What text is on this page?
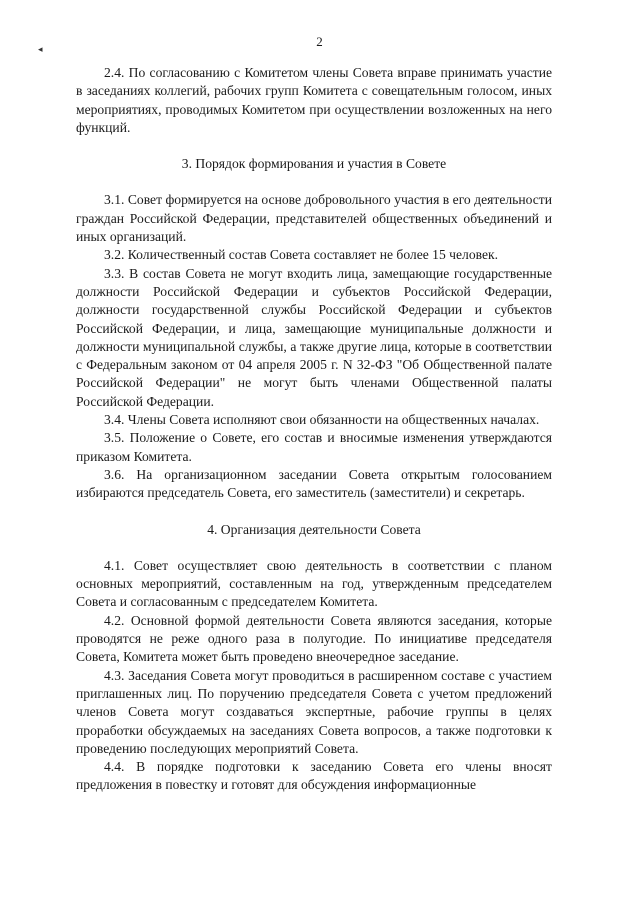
2
◂

2.4. По согласованию с Комитетом члены Совета вправе принимать участие в заседаниях коллегий, рабочих групп Комитета с совещательным голосом, иных мероприятиях, проводимых Комитетом при осуществлении возложенных на него функций.

3. Порядок формирования и участия в Совете

3.1. Совет формируется на основе добровольного участия в его деятельности граждан Российской Федерации, представителей общественных объединений и иных организаций.

3.2. Количественный состав Совета составляет не более 15 человек.

3.3. В состав Совета не могут входить лица, замещающие государственные должности Российской Федерации и субъектов Российской Федерации, должности государственной службы Российской Федерации и субъектов Российской Федерации, и лица, замещающие муниципальные должности и должности муниципальной службы, а также другие лица, которые в соответствии с Федеральным законом от 04 апреля 2005 г. N 32-ФЗ "Об Общественной палате Российской Федерации" не могут быть членами Общественной палаты Российской Федерации.

3.4. Члены Совета исполняют свои обязанности на общественных началах.

3.5. Положение о Совете, его состав и вносимые изменения утверждаются приказом Комитета.

3.6. На организационном заседании Совета открытым голосованием избираются председатель Совета, его заместитель (заместители) и секретарь.

4. Организация деятельности Совета

4.1. Совет осуществляет свою деятельность в соответствии с планом основных мероприятий, составленным на год, утвержденным председателем Совета и согласованным с председателем Комитета.

4.2. Основной формой деятельности Совета являются заседания, которые проводятся не реже одного раза в полугодие. По инициативе председателя Совета, Комитета может быть проведено внеочередное заседание.

4.3. Заседания Совета могут проводиться в расширенном составе с участием приглашенных лиц. По поручению председателя Совета с учетом предложений членов Совета могут создаваться экспертные, рабочие группы в целях проработки обсуждаемых на заседаниях Совета вопросов, а также подготовки к проведению последующих мероприятий Совета.

4.4. В порядке подготовки к заседанию Совета его члены вносят предложения в повестку и готовят для обсуждения информационные
